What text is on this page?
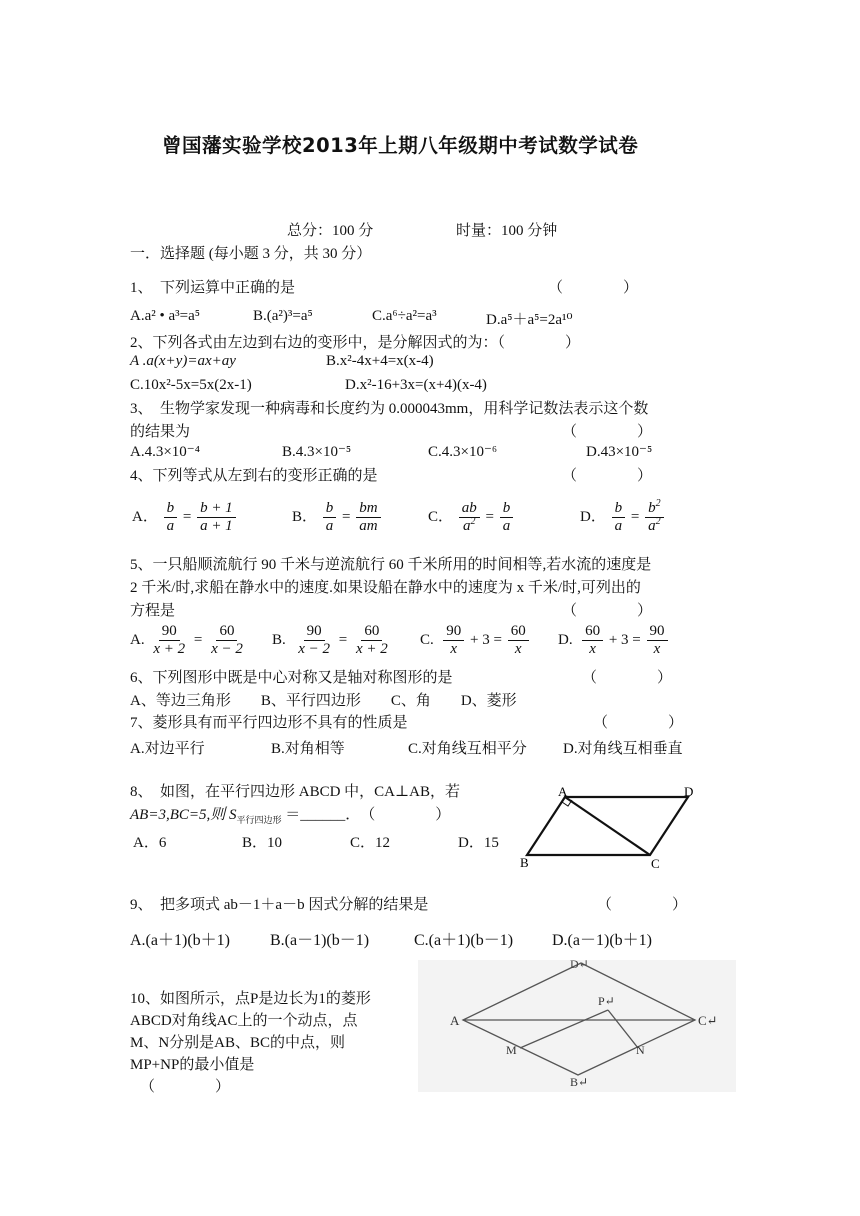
曾国藩实验学校2013年上期八年级期中考试数学试卷
总分：100 分	时量：100 分钟
一．选择题 (每小题 3 分，共 30 分）
1、　下列运算中正确的是	（　　　　）
A.a² • a³=a⁵	B.(a²)³=a⁵	C.a⁶÷a²=a³	D.a⁵＋a⁵=2a¹⁰
2、下列各式由左边到右边的变形中，是分解因式的为：（　　　　）
A .a(x+y)=ax+ay	B.x²-4x+4=x(x-4)
C.10x²-5x=5x(2x-1)	D.x²-16+3x=(x+4)(x-4)
3、　生物学家发现一种病毒和长度约为 0.000043mm，用科学记数法表示这个数
的结果为	（　　　　）
A.4.3×10⁻⁴	B.4.3×10⁻⁵	C.4.3×10⁻⁶	D.43×10⁻⁵
4、下列等式从左到右的变形正确的是	（　　　　）
A． $\frac{b}{a} = \frac{b + 1}{a + 1}$	B． $\frac{b}{a} = \frac{bm}{am}$	C． $\frac{ab}{a^2} = \frac{b}{a}$	D． $\frac{b}{a} = \frac{b^2}{a^2}$
5、一只船顺流航行 90 千米与逆流航行 60 千米所用的时间相等,若水流的速度是
2 千米/时,求船在静水中的速度.如果设船在静水中的速度为 x 千米/时,可列出的
方程是	（　　　　）
A. $\frac{90}{x + 2} = \frac{60}{x - 2} B$. $\frac{90}{x - 2} = \frac{60}{x + 2} C$. $\frac{90}{x} + 3 = \frac{60}{x} D$. $\frac{60}{x} + 3 = \frac{90}{x}$
6、下列图形中既是中心对称又是轴对称图形的是	（　　　　）
A、等边三角形　　B、平行四边形　　C、角　　D、菱形
7、菱形具有而平行四边形不具有的性质是	（　　　　）
A.对边平行	B.对角相等	C.对角线互相平分 D.对角线互相垂直
8、　如图，在平行四边形 ABCD 中，CA⊥AB，若
AB=3,BC=5,则 $S_{平行四边形}$ ＝______．　（　　　　）
A．6	B．10	C．12	D．15
A	D
B	C
9、　把多项式 ab－1＋a－b 因式分解的结果是	（　　　　）
A.(a＋1)(b＋1)	B.(a－1)(b－1)	C.(a＋1)(b－1) D.(a－1)(b＋1)
10、如图所示，点P是边长为1的菱形
ABCD对角线AC上的一个动点，点
M、N分别是AB、BC的中点，则
MP+NP的最小值是
（　　　　）
D↵
A	C↵
P↵
M	N
B↵
